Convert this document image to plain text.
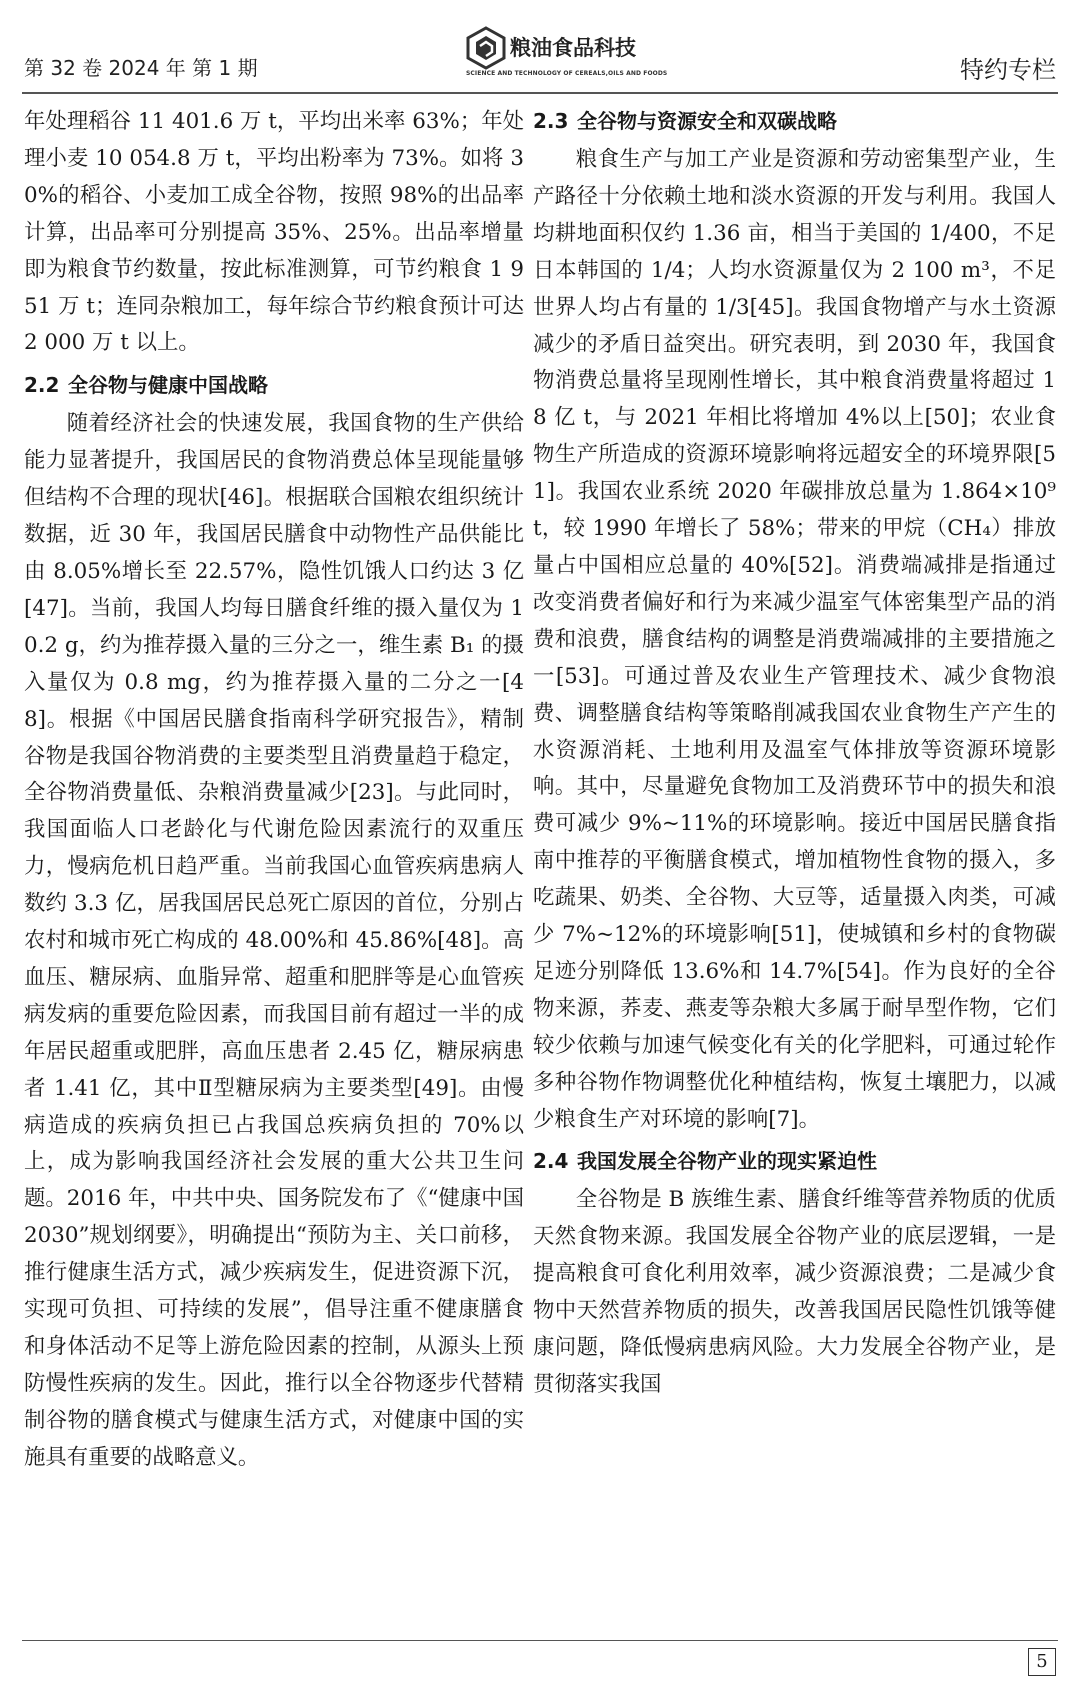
第 32 卷 2024 年 第 1 期
粮油食品科技
SCIENCE AND TECHNOLOGY OF CEREALS,OILS AND FOODS	特约专栏

年处理稻谷 11 401.6 万 t，平均出米率 63%；年处理小麦 10 054.8 万 t，平均出粉率为 73%。如将 30%的稻谷、小麦加工成全谷物，按照 98%的出品率计算，出品率可分别提高 35%、25%。出品率增量即为粮食节约数量，按此标准测算，可节约粮食 1 951 万 t；连同杂粮加工，每年综合节约粮食预计可达 2 000 万 t 以上。

2.2 全谷物与健康中国战略

随着经济社会的快速发展，我国食物的生产供给能力显著提升，我国居民的食物消费总体呈现能量够但结构不合理的现状[46]。根据联合国粮农组织统计数据，近 30 年，我国居民膳食中动物性产品供能比由 8.05%增长至 22.57%，隐性饥饿人口约达 3 亿[47]。当前，我国人均每日膳食纤维的摄入量仅为 10.2 g，约为推荐摄入量的三分之一，维生素 B₁ 的摄入量仅为 0.8 mg，约为推荐摄入量的二分之一[48]。根据《中国居民膳食指南科学研究报告》，精制谷物是我国谷物消费的主要类型且消费量趋于稳定，全谷物消费量低、杂粮消费量减少[23]。与此同时，我国面临人口老龄化与代谢危险因素流行的双重压力，慢病危机日趋严重。当前我国心血管疾病患病人数约 3.3 亿，居我国居民总死亡原因的首位，分别占农村和城市死亡构成的 48.00%和 45.86%[48]。高血压、糖尿病、血脂异常、超重和肥胖等是心血管疾病发病的重要危险因素，而我国目前有超过一半的成年居民超重或肥胖，高血压患者 2.45 亿，糖尿病患者 1.41 亿，其中Ⅱ型糖尿病为主要类型[49]。由慢病造成的疾病负担已占我国总疾病负担的 70%以上，成为影响我国经济社会发展的重大公共卫生问题。2016 年，中共中央、国务院发布了《“健康中国 2030”规划纲要》，明确提出“预防为主、关口前移，推行健康生活方式，减少疾病发生，促进资源下沉，实现可负担、可持续的发展”，倡导注重不健康膳食和身体活动不足等上游危险因素的控制，从源头上预防慢性疾病的发生。因此，推行以全谷物逐步代替精制谷物的膳食模式与健康生活方式，对健康中国的实施具有重要的战略意义。

2.3 全谷物与资源安全和双碳战略

粮食生产与加工产业是资源和劳动密集型产业，生产路径十分依赖土地和淡水资源的开发与利用。我国人均耕地面积仅约 1.36 亩，相当于美国的 1/400，不足日本韩国的 1/4；人均水资源量仅为 2 100 m³，不足世界人均占有量的 1/3[45]。我国食物增产与水土资源减少的矛盾日益突出。研究表明，到 2030 年，我国食物消费总量将呈现刚性增长，其中粮食消费量将超过 18 亿 t，与 2021 年相比将增加 4%以上[50]；农业食物生产所造成的资源环境影响将远超安全的环境界限[51]。我国农业系统 2020 年碳排放总量为 1.864×10⁹ t，较 1990 年增长了 58%；带来的甲烷（CH₄）排放量占中国相应总量的 40%[52]。消费端减排是指通过改变消费者偏好和行为来减少温室气体密集型产品的消费和浪费，膳食结构的调整是消费端减排的主要措施之一[53]。可通过普及农业生产管理技术、减少食物浪费、调整膳食结构等策略削减我国农业食物生产产生的水资源消耗、土地利用及温室气体排放等资源环境影响。其中，尽量避免食物加工及消费环节中的损失和浪费可减少 9%~11%的环境影响。接近中国居民膳食指南中推荐的平衡膳食模式，增加植物性食物的摄入，多吃蔬果、奶类、全谷物、大豆等，适量摄入肉类，可减少 7%~12%的环境影响[51]，使城镇和乡村的食物碳足迹分别降低 13.6%和 14.7%[54]。作为良好的全谷物来源，荞麦、燕麦等杂粮大多属于耐旱型作物，它们较少依赖与加速气候变化有关的化学肥料，可通过轮作多种谷物作物调整优化种植结构，恢复土壤肥力，以减少粮食生产对环境的影响[7]。

2.4 我国发展全谷物产业的现实紧迫性

全谷物是 B 族维生素、膳食纤维等营养物质的优质天然食物来源。我国发展全谷物产业的底层逻辑，一是提高粮食可食化利用效率，减少资源浪费；二是减少食物中天然营养物质的损失，改善我国居民隐性饥饿等健康问题，降低慢病患病风险。大力发展全谷物产业，是贯彻落实我国

5
